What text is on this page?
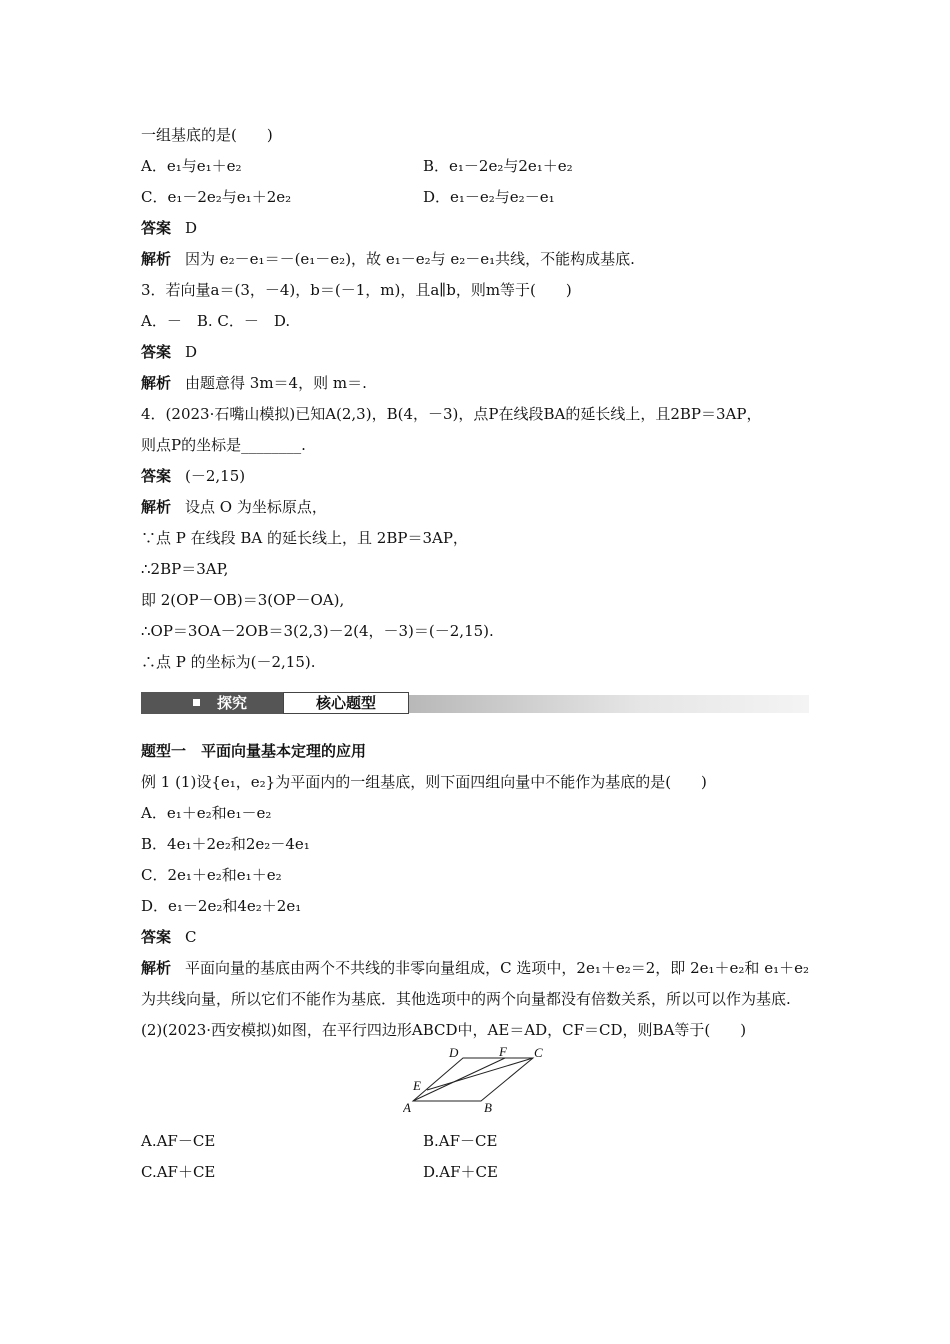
一组基底的是(　　)
A．e₁与e₁＋e₂	B．e₁－2e₂与2e₁＋e₂
C．e₁－2e₂与e₁＋2e₂	D．e₁－e₂与e₂－e₁
答案 D
解析 因为 e₂－e₁＝－(e₁－e₂)，故 e₁－e₂与 e₂－e₁共线，不能构成基底.
3．若向量a＝(3，－4)，b＝(－1，m)，且a∥b，则m等于(　　)
A．－　B. C．－　D.
答案 D
解析 由题意得 3m＝4，则 m＝.
4．(2023·石嘴山模拟)已知A(2,3)，B(4，－3)，点P在线段BA的延长线上，且2BP＝3AP，
则点P的坐标是________.
答案 (－2,15)
解析 设点 O 为坐标原点，
∵点 P 在线段 BA 的延长线上，且 2BP＝3AP，
∴2BP＝3AP,
即 2(OP－OB)＝3(OP－OA),
∴OP＝3OA－2OB＝3(2,3)－2(4，－3)＝(－2,15).
∴点 P 的坐标为(－2,15).
探究	核心题型
题型一　平面向量基本定理的应用
例 1 (1)设{e₁，e₂}为平面内的一组基底，则下面四组向量中不能作为基底的是(　　)
A．e₁＋e₂和e₁－e₂
B．4e₁＋2e₂和2e₂－4e₁
C．2e₁＋e₂和e₁＋e₂
D．e₁－2e₂和4e₂＋2e₁
答案 C
解析 平面向量的基底由两个不共线的非零向量组成，C 选项中，2e₁＋e₂＝2，即 2e₁＋e₂和 e₁＋e₂为共线向量，所以它们不能作为基底．其他选项中的两个向量都没有倍数关系，所以可以作为基底.
(2)(2023·西安模拟)如图，在平行四边形ABCD中，AE＝AD，CF＝CD，则BA等于(　　)
A	B
C
D
E
F
A.AF－CE	B.AF－CE
C.AF＋CE	D.AF＋CE
